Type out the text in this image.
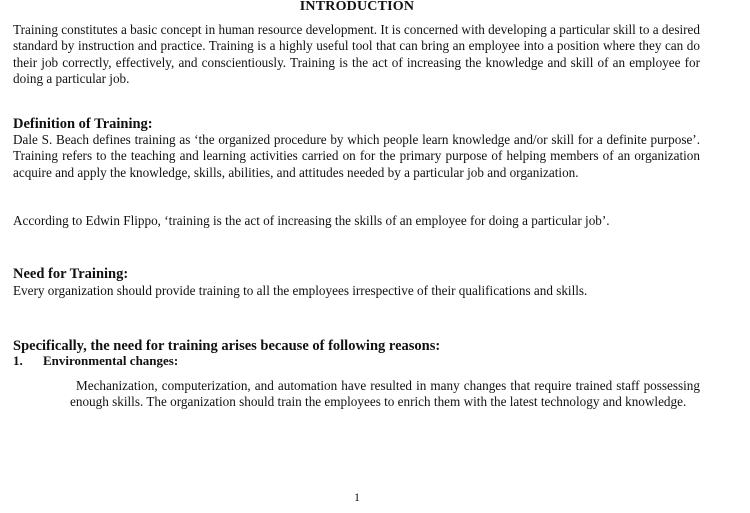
INTRODUCTION

Training constitutes a basic concept in human resource development. It is concerned with developing a particular skill to a desired standard by instruction and practice. Training is a highly useful tool that can bring an employee into a position where they can do their job correctly, effectively, and conscientiously. Training is the act of increasing the knowledge and skill of an employee for doing a particular job.

Definition of Training:

Dale S. Beach defines training as ‘the organized procedure by which people learn knowledge and/or skill for a definite purpose’. Training refers to the teaching and learning activities carried on for the primary purpose of helping members of an organization acquire and apply the knowledge, skills, abilities, and attitudes needed by a particular job and organization.

According to Edwin Flippo, ‘training is the act of increasing the skills of an employee for doing a particular job’.

Need for Training:

Every organization should provide training to all the employees irrespective of their qualifications and skills.

Specifically, the need for training arises because of following reasons:
1. Environmental changes:

Mechanization, computerization, and automation have resulted in many changes that require trained staff possessing enough skills. The organization should train the employees to enrich them with the latest technology and knowledge.

1
